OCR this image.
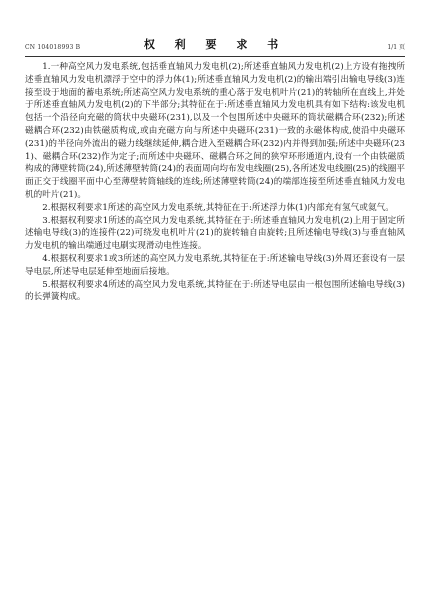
CN 104018993 B	权 利 要 求 书	1/1 页

1.一种高空风力发电系统,包括垂直轴风力发电机(2);所述垂直轴风力发电机(2)上方设有拖拽所述垂直轴风力发电机漂浮于空中的浮力体(1);所述垂直轴风力发电机(2)的输出端引出输电导线(3)连接至设于地面的蓄电系统;所述高空风力发电系统的重心落于发电机叶片(21)的转轴所在直线上,并处于所述垂直轴风力发电机(2)的下半部分;其特征在于:所述垂直轴风力发电机具有如下结构:该发电机包括一个沿径向充磁的筒状中央磁环(231),以及一个包围所述中央磁环的筒状磁耦合环(232);所述磁耦合环(232)由铁磁质构成,或由充磁方向与所述中央磁环(231)一致的永磁体构成,使沿中央磁环(231)的半径向外流出的磁力线继续延伸,耦合进入至磁耦合环(232)内并得到加强;所述中央磁环(231)、磁耦合环(232)作为定子;而所述中央磁环、磁耦合环之间的狭窄环形通道内,设有一个由铁磁质构成的薄壁转筒(24),所述薄壁转筒(24)的表面周向均布发电线圈(25),各所述发电线圈(25)的线圈平面正交于线圈平面中心至薄壁转筒轴线的连线;所述薄壁转筒(24)的端部连接至所述垂直轴风力发电机的叶片(21)。

2.根据权利要求1所述的高空风力发电系统,其特征在于:所述浮力体(1)内部充有氢气或氦气。

3.根据权利要求1所述的高空风力发电系统,其特征在于:所述垂直轴风力发电机(2)上用于固定所述输电导线(3)的连接件(22)可绕发电机叶片(21)的旋转轴自由旋转;且所述输电导线(3)与垂直轴风力发电机的输出端通过电刷实现滑动电性连接。

4.根据权利要求1或3所述的高空风力发电系统,其特征在于:所述输电导线(3)外周还套设有一层导电层,所述导电层延伸至地面后接地。

5.根据权利要求4所述的高空风力发电系统,其特征在于:所述导电层由一根包围所述输电导线(3)的长弹簧构成。
